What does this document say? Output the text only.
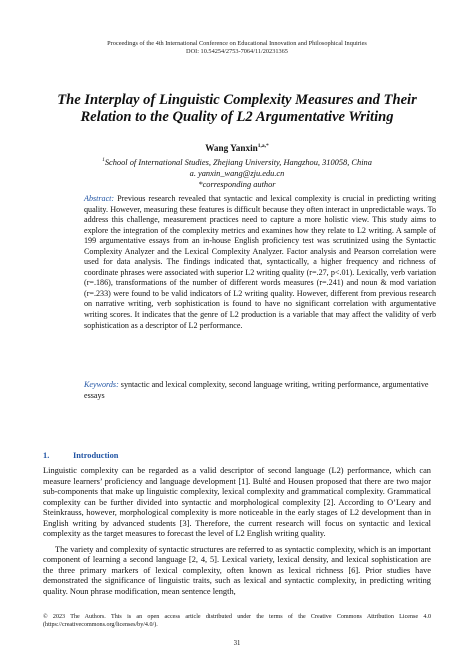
Proceedings of the 4th International Conference on Educational Innovation and Philosophical Inquiries
DOI: 10.54254/2753-7064/11/20231365
The Interplay of Linguistic Complexity Measures and Their Relation to the Quality of L2 Argumentative Writing
Wang Yanxin$^{1,a,*}$
$^1$School of International Studies, Zhejiang University, Hangzhou, 310058, China
a. yanxin_wang@zju.edu.cn
*corresponding author
Abstract: Previous research revealed that syntactic and lexical complexity is crucial in predicting writing quality. However, measuring these features is difficult because they often interact in unpredictable ways. To address this challenge, measurement practices need to capture a more holistic view. This study aims to explore the integration of the complexity metrics and examines how they relate to L2 writing. A sample of 199 argumentative essays from an in-house English proficiency test was scrutinized using the Syntactic Complexity Analyzer and the Lexical Complexity Analyzer. Factor analysis and Pearson correlation were used for data analysis. The findings indicated that, syntactically, a higher frequency and richness of coordinate phrases were associated with superior L2 writing quality (r=.27, p<.01). Lexically, verb variation (r=.186), transformations of the number of different words measures (r=.241) and noun & mod variation (r=.233) were found to be valid indicators of L2 writing quality. However, different from previous research on narrative writing, verb sophistication is found to have no significant correlation with argumentative writing scores. It indicates that the genre of L2 production is a variable that may affect the validity of verb sophistication as a descriptor of L2 performance.
Keywords: syntactic and lexical complexity, second language writing, writing performance, argumentative essays
1.	Introduction

Linguistic complexity can be regarded as a valid descriptor of second language (L2) performance, which can measure learners’ proficiency and language development [1]. Bulté and Housen proposed that there are two major sub-components that make up linguistic complexity, lexical complexity and grammatical complexity. Grammatical complexity can be further divided into syntactic and morphological complexity [2]. According to O’Leary and Steinkrauss, however, morphological complexity is more noticeable in the early stages of L2 development than in English writing by advanced students [3]. Therefore, the current research will focus on syntactic and lexical complexity as the target measures to forecast the level of L2 English writing quality.

The variety and complexity of syntactic structures are referred to as syntactic complexity, which is an important component of learning a second language [2, 4, 5]. Lexical variety, lexical density, and lexical sophistication are the three primary markers of lexical complexity, often known as lexical richness [6]. Prior studies have demonstrated the significance of linguistic traits, such as lexical and syntactic complexity, in predicting writing quality. Noun phrase modification, mean sentence length,

© 2023 The Authors. This is an open access article distributed under the terms of the Creative Commons Attribution License 4.0 (https://creativecommons.org/licenses/by/4.0/).
31
